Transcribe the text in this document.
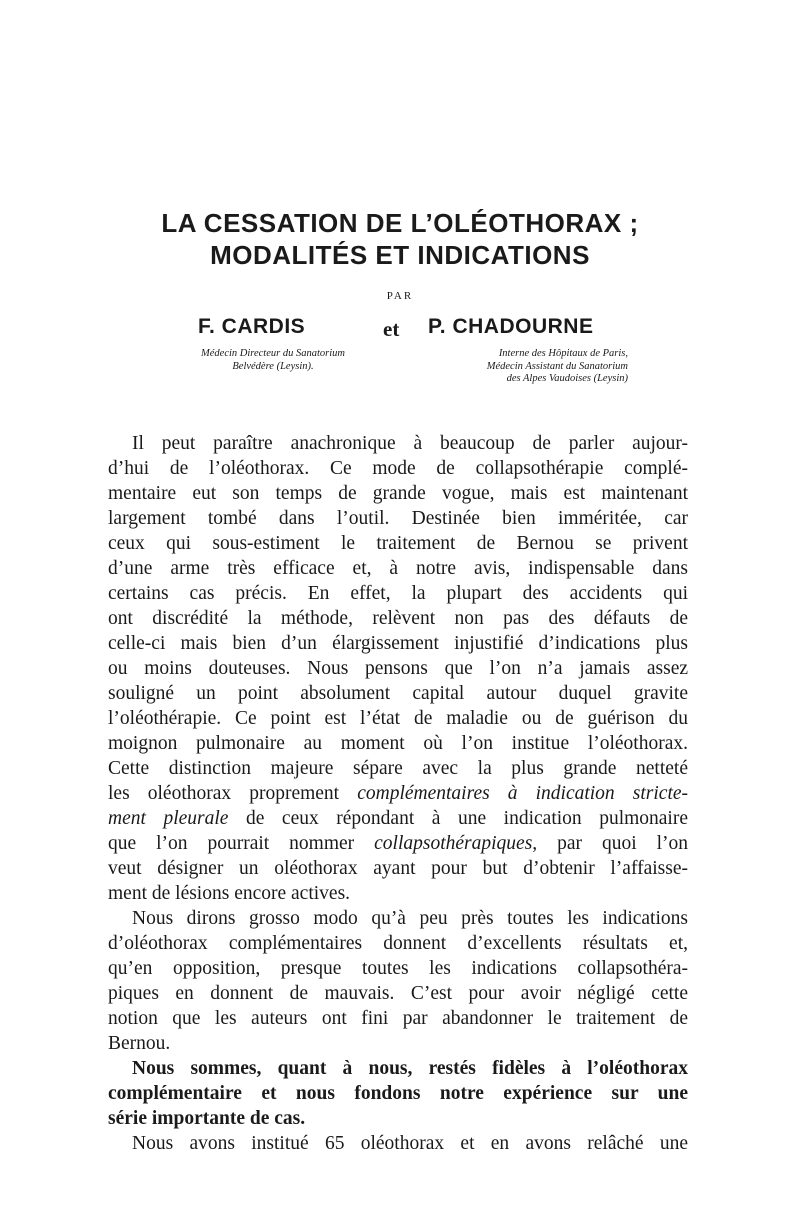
LA CESSATION DE L’OLÉOTHORAX ;
MODALITÉS ET INDICATIONS
PAR
F. CARDIS	et P. CHADOURNE
Médecin Directeur du Sanatorium
Belvédère (Leysin).
Interne des Hôpitaux de Paris,
Médecin Assistant du Sanatorium
des Alpes Vaudoises (Leysin)
Il peut paraître anachronique à beaucoup de parler aujour-
d’hui de l’oléothorax. Ce mode de collapsothérapie complé-
mentaire eut son temps de grande vogue, mais est maintenant
largement tombé dans l’outil. Destinée bien imméritée, car
ceux qui sous-estiment le traitement de Bernou se privent
d’une arme très efficace et, à notre avis, indispensable dans
certains cas précis. En effet, la plupart des accidents qui
ont discrédité la méthode, relèvent non pas des défauts de
celle-ci mais bien d’un élargissement injustifié d’indications plus
ou moins douteuses. Nous pensons que l’on n’a jamais assez
souligné un point absolument capital autour duquel gravite
l’oléothérapie. Ce point est l’état de maladie ou de guérison du
moignon pulmonaire au moment où l’on institue l’oléothorax.
Cette distinction majeure sépare avec la plus grande netteté
les oléothorax proprement complémentaires à indication stricte-
ment pleurale de ceux répondant à une indication pulmonaire
que l’on pourrait nommer collapsothérapiques, par quoi l’on
veut désigner un oléothorax ayant pour but d’obtenir l’affaisse-
ment de lésions encore actives.
Nous dirons grosso modo qu’à peu près toutes les indications
d’oléothorax complémentaires donnent d’excellents résultats et,
qu’en opposition, presque toutes les indications collapsothéra-
piques en donnent de mauvais. C’est pour avoir négligé cette
notion que les auteurs ont fini par abandonner le traitement de
Bernou.
Nous sommes, quant à nous, restés fidèles à l’oléothorax
complémentaire et nous fondons notre expérience sur une
série importante de cas.
Nous avons institué 65 oléothorax et en avons relâché une
